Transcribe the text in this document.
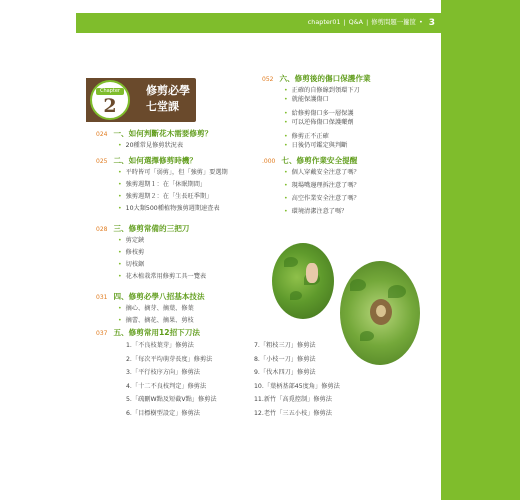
chapter01 | Q&A | 修剪問題一籮筐 • 3
Chapter
2
修剪必學
七堂課
024 一、如何判斷花木需要修剪？
• 20種常見修剪狀況表
025 二、如何選擇修剪時機？
• 平時皆可「弱剪」，但「強剪」要選期
• 強剪週期１：在「休眠期間」
• 強剪週期２：在「生長旺季期」
• 10大類500種植物強剪週期速查表
028 三、修剪常備的三把刀
• 剪定鋏
• 修枝剪
• 切枝鋸
• 花木植栽常用修剪工具一覽表
031 四、修剪必學八招基本技法
• 摘心、摘芽、摘葉、修葉
• 摘蕾、摘花、摘果、剪枝
052 六、修剪後的傷口保護作業
• 正確的自修線到領環下刀
• 就能保護傷口
• 給修剪傷口多一層保護
• 可以逆佈傷口保護藥劑
• 修剪正不正確
• 日後仍可鑑定與判斷
.000 七、修剪作業安全提醒
• 個人穿戴安全注意了嗎？
• 現場嘴邊理拆注意了嗎？
• 高空作業安全注意了嗎？
• 環境清潔注意了嗎？
037 五、修剪常用12招下刀法
1.「不良枝葉芽」修剪法
2.「每次平均萌芽長度」修剪法
3.「平行枝序方向」修剪法
4.「十二不良枝判定」修剪法
5.「疏刪W點及短截V點」修剪法
6.「目標樹型設定」修剪法
7.「粗枝三刀」修剪法
8.「小枝一刀」修剪法
9.「伐木四刀」修剪法
10.「葉柄基部45度角」修剪法
11.新竹「高覓控制」修剪法
12.老竹「三五小枝」修剪法
